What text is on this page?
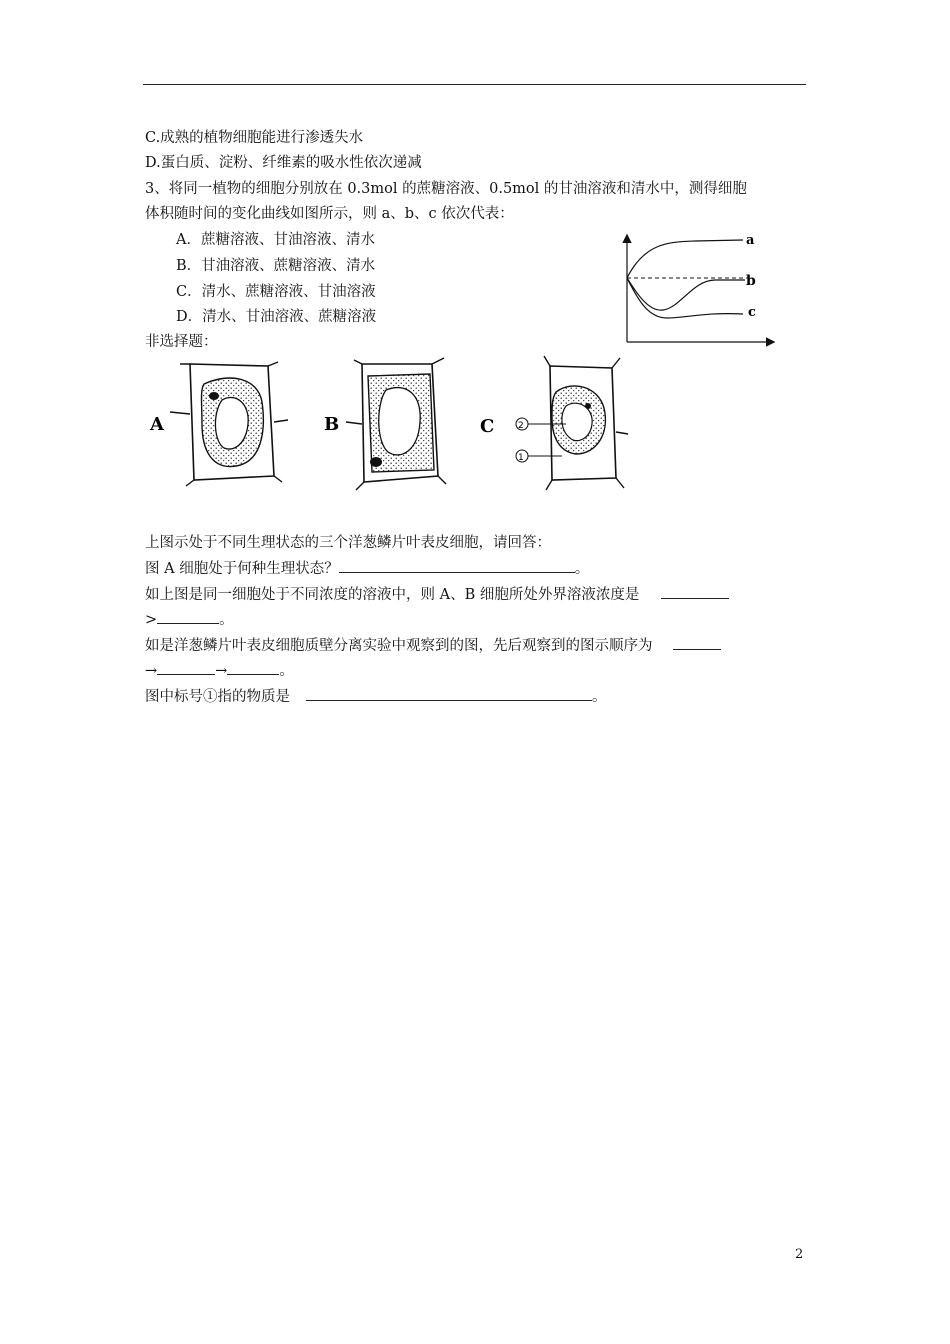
C.成熟的植物细胞能进行渗透失水
D.蛋白质、淀粉、纤维素的吸水性依次递减
3、将同一植物的细胞分别放在 0.3mol 的蔗糖溶液、0.5mol 的甘油溶液和清水中，测得细胞
体积随时间的变化曲线如图所示，则 a、b、c 依次代表：
A．蔗糖溶液、甘油溶液、清水
B．甘油溶液、蔗糖溶液、清水
C．清水、蔗糖溶液、甘油溶液
D．清水、甘油溶液、蔗糖溶液
非选择题：
a
b
c
A	B	2
1
C
上图示处于不同生理状态的三个洋葱鳞片叶表皮细胞，请回答：
图 A 细胞处于何种生理状态？	。
如上图是同一细胞处于不同浓度的溶液中，则 A、B 细胞所处外界溶液浓度是
>	。
如是洋葱鳞片叶表皮细胞质壁分离实验中观察到的图，先后观察到的图示顺序为
→	→	。
图中标号①指的物质是	。
2
